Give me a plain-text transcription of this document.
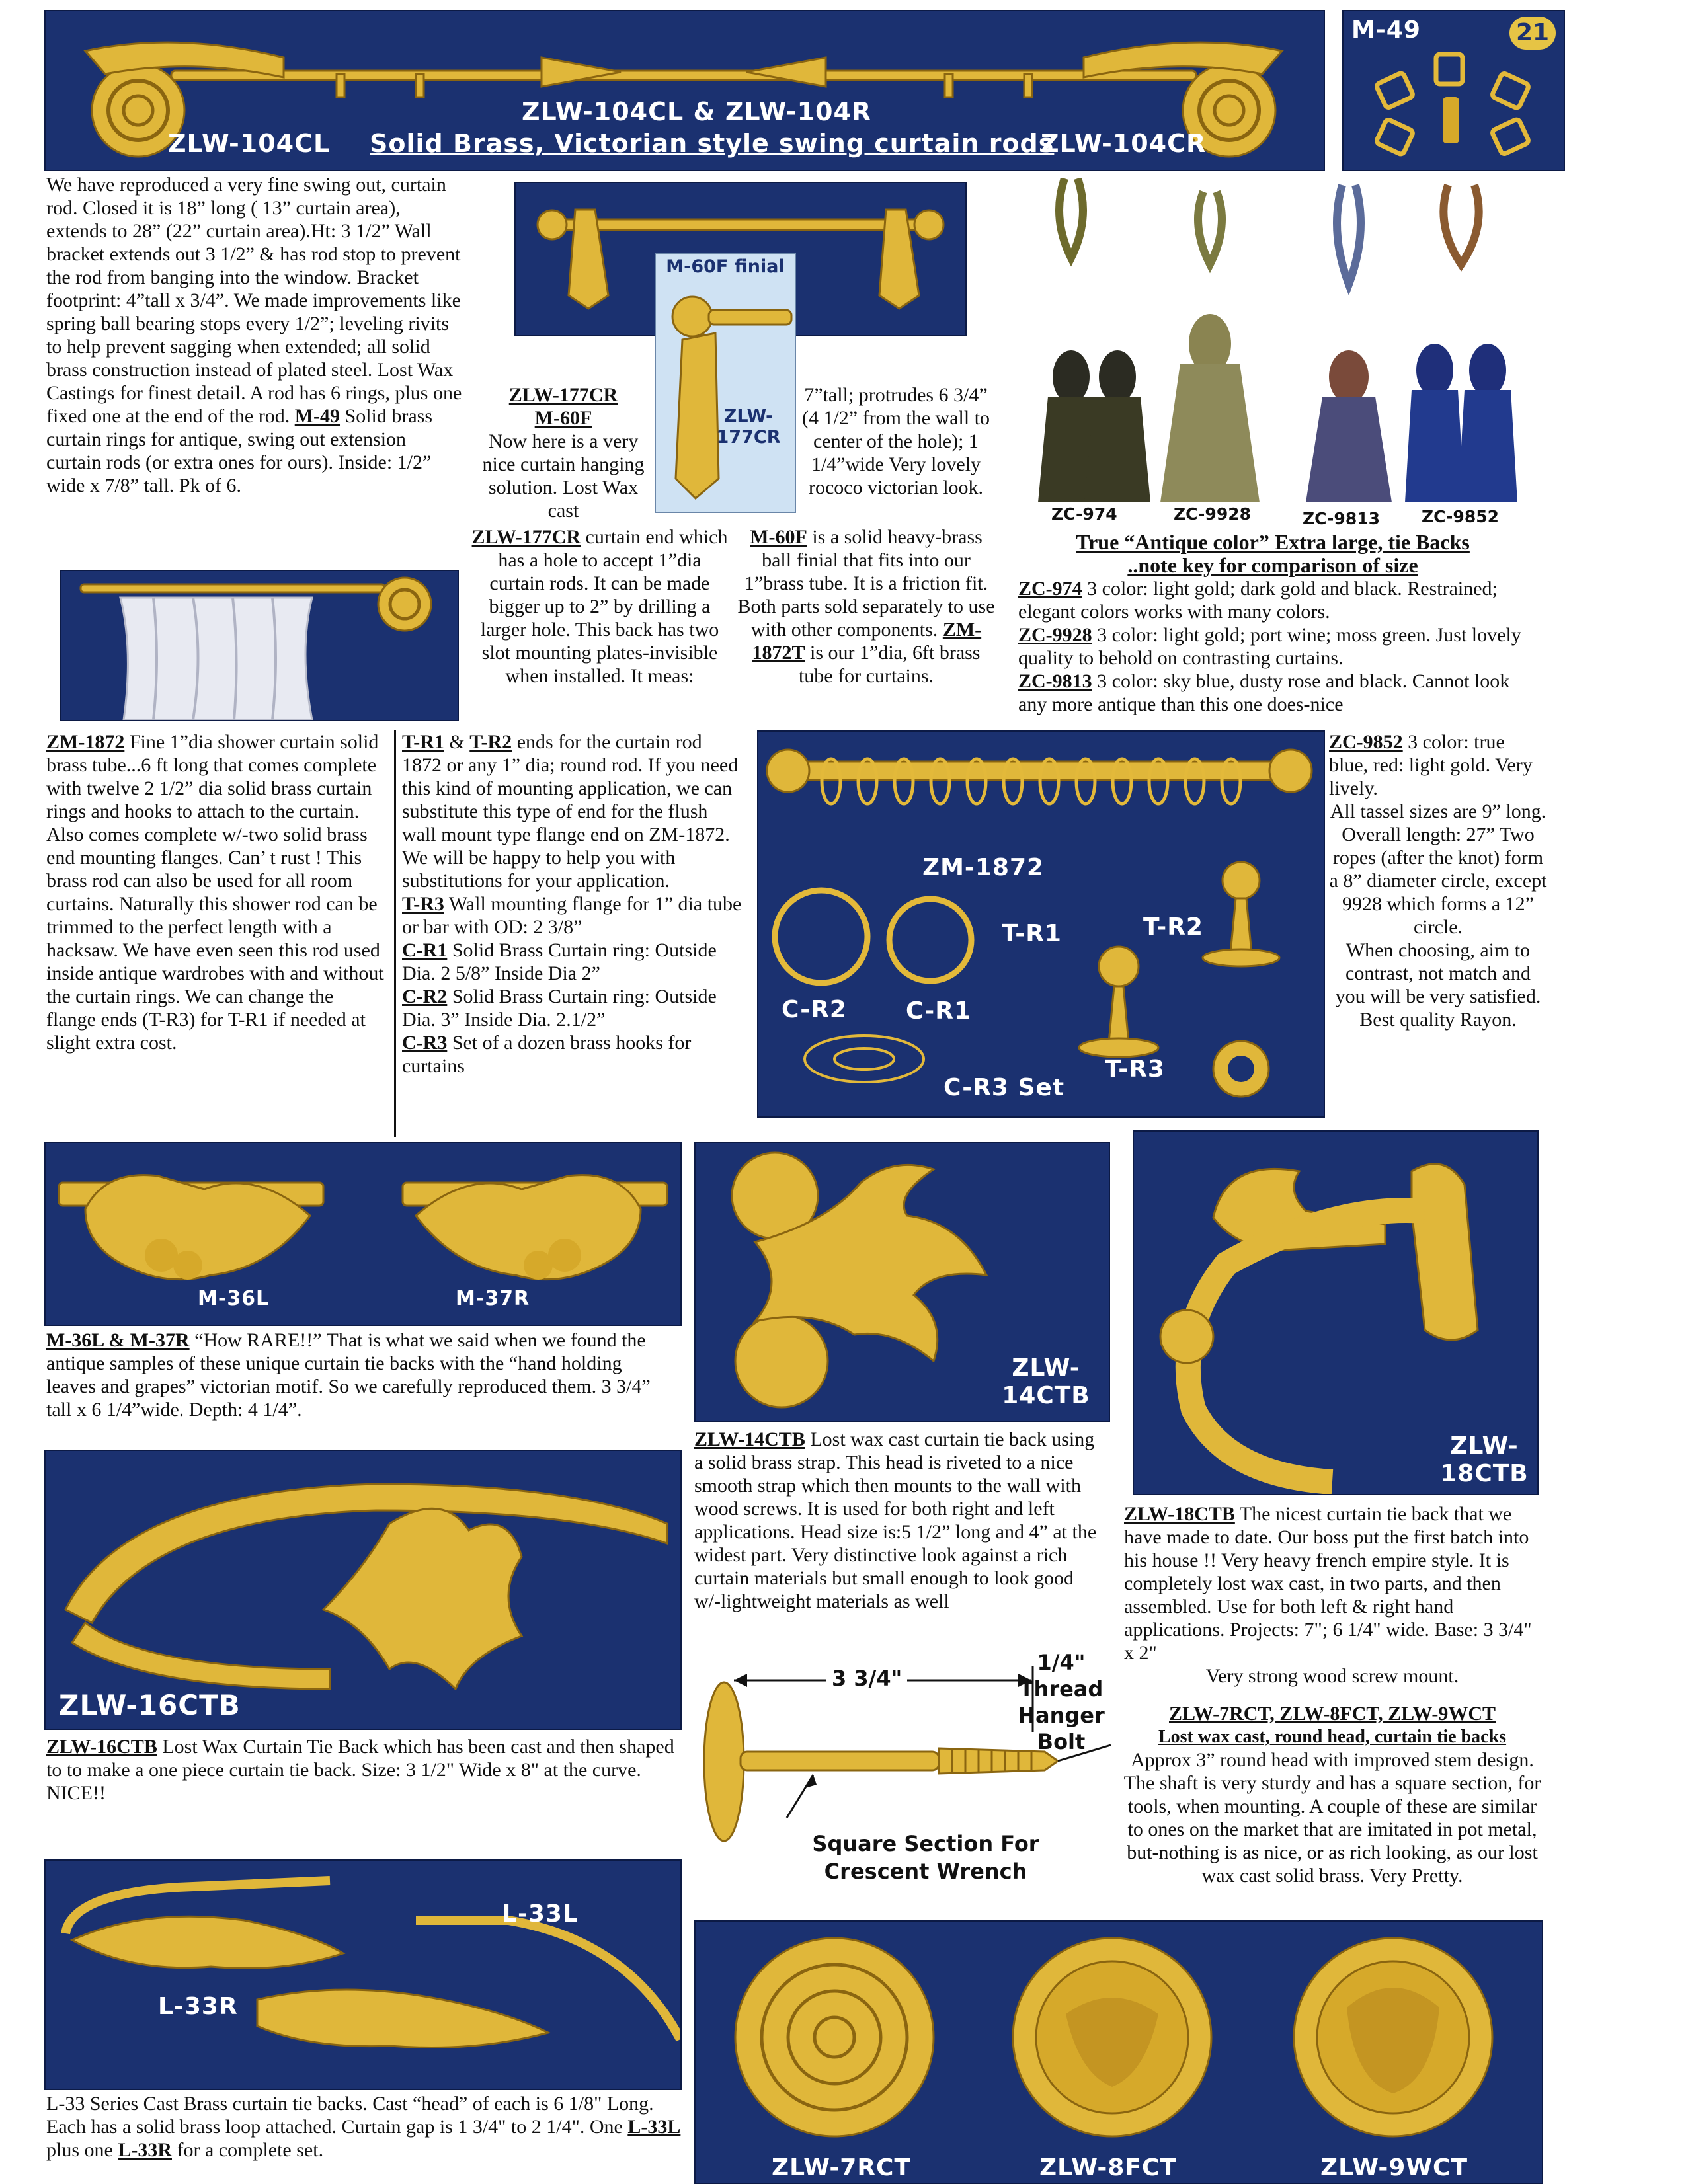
ZLW-104CL & ZLW-104R
Solid Brass, Victorian style swing curtain rods
ZLW-104CL	ZLW-104CR
M-49	21
We have reproduced a very fine swing out, curtain rod. Closed it is 18” long ( 13” curtain area), extends to 28” (22” curtain area).Ht: 3 1/2” Wall bracket extends out 3 1/2” & has rod stop to prevent the rod from banging into the window. Bracket footprint: 4”tall x 3/4”. We made improvements like spring ball bearing stops every 1/2”; leveling rivits to help prevent sagging when extended; all solid brass construction instead of plated steel. Lost Wax Castings for finest detail. A rod has 6 rings, plus one fixed one at the end of the rod. M-49 Solid brass curtain rings for antique, swing out extension curtain rods (or extra ones for ours). Inside: 1/2” wide x 7/8” tall. Pk of 6.
M-60F finial
ZLW-177CR
ZLW-177CR
M-60F
Now here is a very nice curtain hanging solution. Lost Wax cast
ZLW-177CR curtain end which has a hole to accept 1”dia curtain rods. It can be made bigger up to 2” by drilling a larger hole. This back has two slot mounting plates-invisible when installed. It meas:
7”tall; protrudes 6 3/4” (4 1/2” from the wall to center of the hole); 1 1/4”wide Very lovely rococo victorian look.
M-60F is a solid heavy-brass ball finial that fits into our 1”brass tube. It is a friction fit. Both parts sold separately to use with other components. ZM-1872T is our 1”dia, 6ft brass tube for curtains.
ZC-974	ZC-9928	ZC-9813	ZC-9852
True “Antique color” Extra large, tie Backs
..note key for comparison of size
ZC-974 3 color: light gold; dark gold and black. Restrained; elegant colors works with many colors.
ZC-9928 3 color: light gold; port wine; moss green. Just lovely quality to behold on contrasting curtains.
ZC-9813 3 color: sky blue, dusty rose and black. Cannot look any more antique than this one does-nice
ZM-1872 Fine 1”dia shower curtain solid brass tube...6 ft long that comes complete with twelve 2 1/2” dia solid brass curtain rings and hooks to attach to the curtain. Also comes complete w/-two solid brass end mounting flanges. Can’ t rust ! This brass rod can also be used for all room curtains. Naturally this shower rod can be trimmed to the perfect length with a hacksaw. We have even seen this rod used inside antique wardrobes with and without the curtain rings. We can change the flange ends (T-R3) for T-R1 if needed at slight extra cost.

T-R1 & T-R2 ends for the curtain rod 1872 or any 1” dia; round rod. If you need this kind of mounting application, we can substitute this type of end for the flush wall mount type flange end on ZM-1872.

We will be happy to help you with substitutions for your application.

T-R3 Wall mounting flange for 1” dia tube or bar with OD: 2 3/8”

C-R1 Solid Brass Curtain ring: Outside Dia. 2 5/8” Inside Dia 2”

C-R2 Solid Brass Curtain ring: Outside Dia. 3” Inside Dia. 2.1/2”

C-R3 Set of a dozen brass hooks for curtains

ZM-1872
T-R1	T-R2
C-R2 C-R1
T-R3
C-R3 Set

ZC-9852 3 color: true blue, red: light gold. Very lively.

All tassel sizes are 9” long. Overall length: 27” Two ropes (after the knot) form a 8” diameter circle, except 9928 which forms a 12” circle.

When choosing, aim to contrast, not match and you will be very satisfied. Best quality Rayon.

M-36L	M-37R
M-36L & M-37R “How RARE!!” That is what we said when we found the antique samples of these unique curtain tie backs with the “hand holding leaves and grapes” victorian motif. So we carefully reproduced them. 3 3/4” tall x 6 1/4”wide. Depth: 4 1/4”.
ZLW-14CTB
ZLW-14CTB Lost wax cast curtain tie back using a solid brass strap. This head is riveted to a nice smooth strap which then mounts to the wall with wood screws. It is used for both right and left applications. Head size is:5 1/2” long and 4” at the widest part. Very distinctive look against a rich curtain materials but small enough to look good w/-lightweight materials as well
ZLW-18CTB
ZLW-18CTB The nicest curtain tie back that we have made to date. Our boss put the first batch into his house !! Very heavy french empire style. It is completely lost wax cast, in two parts, and then assembled. Use for both left & right hand applications. Projects: 7"; 6 1/4" wide. Base: 3 3/4" x 2"
Very strong wood screw mount.
ZLW-16CTB
ZLW-16CTB Lost Wax Curtain Tie Back which has been cast and then shaped to to make a one piece curtain tie back. Size: 3 1/2" Wide x 8" at the curve. NICE!!
3 3/4"
1/4"
Thread
Hanger
Bolt
Square Section For
Crescent Wrench
ZLW-7RCT, ZLW-8FCT, ZLW-9WCT
Lost wax cast, round head, curtain tie backs
Approx 3” round head with improved stem design. The shaft is very sturdy and has a square section, for tools, when mounting. A couple of these are similar to ones on the market that are imitated in pot metal, but-nothing is as nice, or as rich looking, as our lost wax cast solid brass. Very Pretty.
L-33L
L-33R
L-33 Series Cast Brass curtain tie backs. Cast “head” of each is 6 1/8" Long. Each has a solid brass loop attached. Curtain gap is 1 3/4" to 2 1/4". One L-33L plus one L-33R for a complete set.
ZLW-7RCT	ZLW-8FCT	ZLW-9WCT
